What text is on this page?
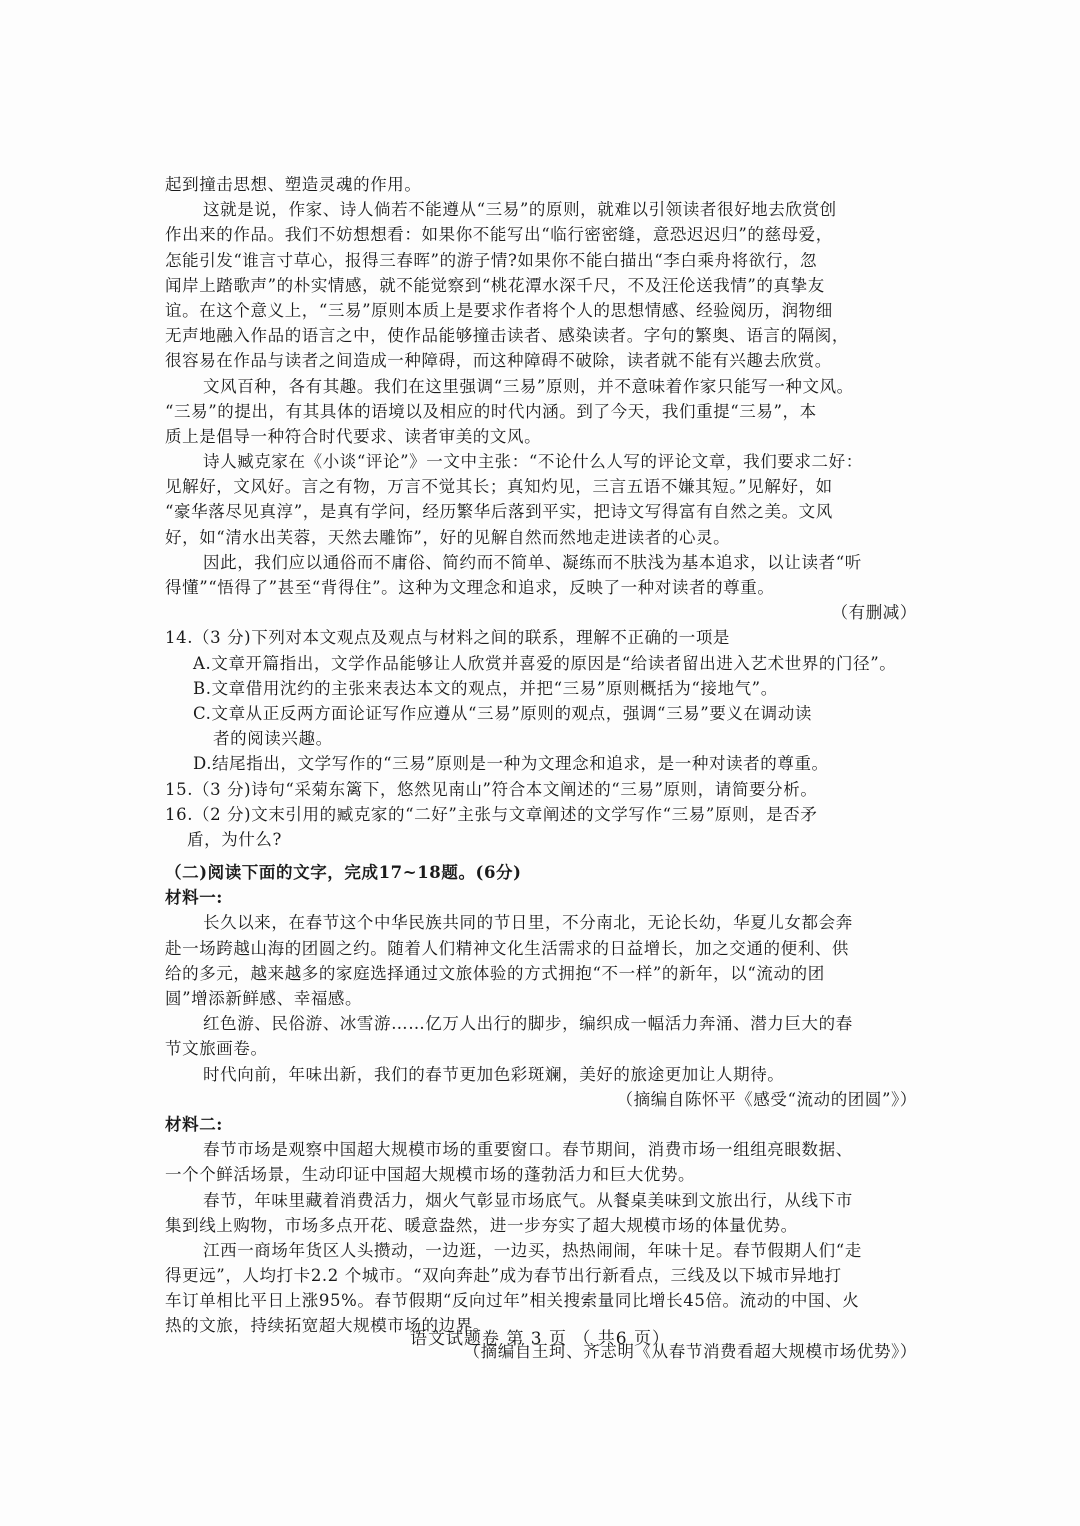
起到撞击思想、塑造灵魂的作用。
这就是说，作家、诗人倘若不能遵从“三易”的原则，就难以引领读者很好地去欣赏创
作出来的作品。我们不妨想想看：如果你不能写出“临行密密缝，意恐迟迟归”的慈母爱，
怎能引发“谁言寸草心，报得三春晖”的游子情?如果你不能白描出“李白乘舟将欲行，忽
闻岸上踏歌声”的朴实情感，就不能觉察到“桃花潭水深千尺，不及汪伦送我情”的真挚友
谊。在这个意义上，“三易”原则本质上是要求作者将个人的思想情感、经验阅历，润物细
无声地融入作品的语言之中，使作品能够撞击读者、感染读者。字句的繁奥、语言的隔阂，
很容易在作品与读者之间造成一种障碍，而这种障碍不破除，读者就不能有兴趣去欣赏。
文风百种，各有其趣。我们在这里强调“三易”原则，并不意味着作家只能写一种文风。
“三易”的提出，有其具体的语境以及相应的时代内涵。到了今天，我们重提“三易”，本
质上是倡导一种符合时代要求、读者审美的文风。
诗人臧克家在《小谈“评论”》一文中主张：“不论什么人写的评论文章，我们要求二好：
见解好，文风好。言之有物，万言不觉其长；真知灼见，三言五语不嫌其短。”见解好，如
“豪华落尽见真淳”，是真有学问，经历繁华后落到平实，把诗文写得富有自然之美。文风
好，如“清水出芙蓉，天然去雕饰”，好的见解自然而然地走进读者的心灵。
因此，我们应以通俗而不庸俗、简约而不简单、凝练而不肤浅为基本追求，以让读者“听
得懂”“悟得了”甚至“背得住”。这种为文理念和追求，反映了一种对读者的尊重。
（有删减）
14.（3 分)下列对本文观点及观点与材料之间的联系，理解不正确的一项是
A.文章开篇指出，文学作品能够让人欣赏并喜爱的原因是“给读者留出进入艺术世界的门径”。
B.文章借用沈约的主张来表达本文的观点，并把“三易”原则概括为“接地气”。
C.文章从正反两方面论证写作应遵从“三易”原则的观点，强调“三易”要义在调动读
者的阅读兴趣。
D.结尾指出，文学写作的“三易”原则是一种为文理念和追求，是一种对读者的尊重。
15.（3 分)诗句“采菊东篱下，悠然见南山”符合本文阐述的“三易”原则，请简要分析。
16.（2 分)文末引用的臧克家的“二好”主张与文章阐述的文学写作“三易”原则，是否矛
盾，为什么?
（二)阅读下面的文字，完成17~18题。(6分)
材料一:
长久以来，在春节这个中华民族共同的节日里，不分南北，无论长幼，华夏儿女都会奔
赴一场跨越山海的团圆之约。随着人们精神文化生活需求的日益增长，加之交通的便利、供
给的多元，越来越多的家庭选择通过文旅体验的方式拥抱“不一样”的新年，以“流动的团
圆”增添新鲜感、幸福感。
红色游、民俗游、冰雪游……亿万人出行的脚步，编织成一幅活力奔涌、潜力巨大的春
节文旅画卷。
时代向前，年味出新，我们的春节更加色彩斑斓，美好的旅途更加让人期待。
（摘编自陈怀平《感受“流动的团圆”》）
材料二:
春节市场是观察中国超大规模市场的重要窗口。春节期间，消费市场一组组亮眼数据、
一个个鲜活场景，生动印证中国超大规模市场的蓬勃活力和巨大优势。
春节，年味里藏着消费活力，烟火气彰显市场底气。从餐桌美味到文旅出行，从线下市
集到线上购物，市场多点开花、暖意盎然，进一步夯实了超大规模市场的体量优势。
江西一商场年货区人头攒动，一边逛，一边买，热热闹闹，年味十足。春节假期人们“走
得更远”，人均打卡2.2 个城市。“双向奔赴”成为春节出行新看点，三线及以下城市异地打
车订单相比平日上涨95%。春节假期“反向过年”相关搜索量同比增长45倍。流动的中国、火
热的文旅，持续拓宽超大规模市场的边界。
（摘编自王珂、齐志明《从春节消费看超大规模市场优势》）
语文试题卷 第 3 页 （ 共6 页）
